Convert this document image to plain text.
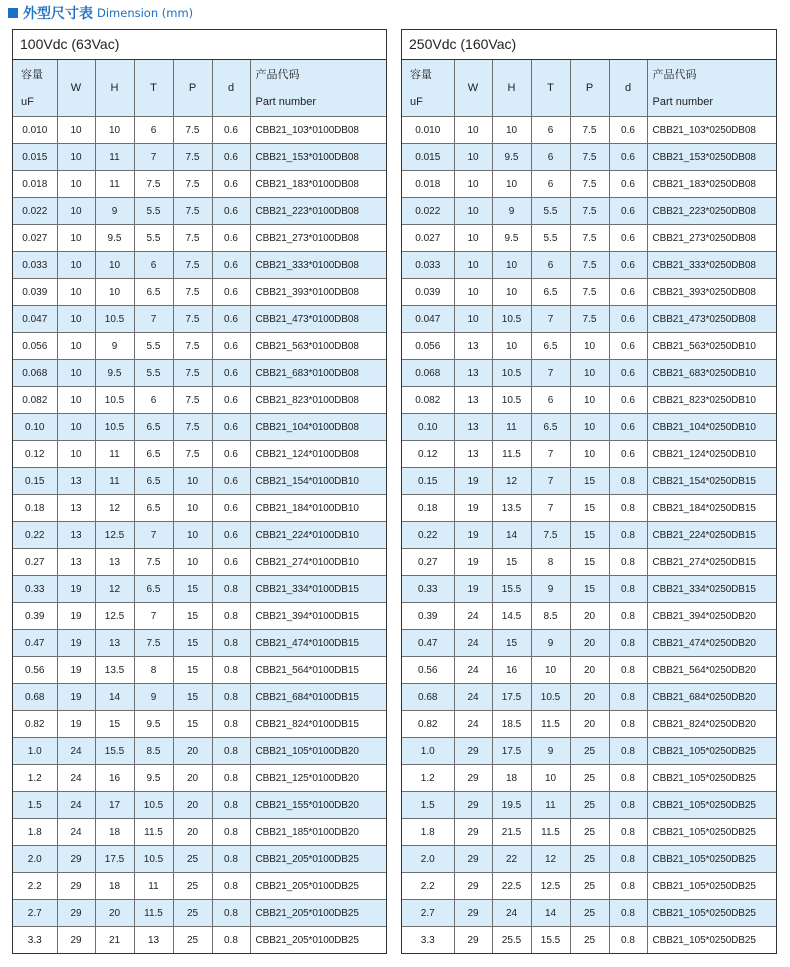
外型尺寸表 Dimension (mm)
100Vdc (63Vac)
容量
uF	W	H	T	P	d	产品代码
Part number

0.010	10	10	6	7.5	0.6	CBB21_103*0100DB08
0.015	10	11	7	7.5	0.6	CBB21_153*0100DB08
0.018	10	11	7.5	7.5	0.6	CBB21_183*0100DB08
0.022	10	9	5.5	7.5	0.6	CBB21_223*0100DB08
0.027	10	9.5	5.5	7.5	0.6	CBB21_273*0100DB08
0.033	10	10	6	7.5	0.6	CBB21_333*0100DB08
0.039	10	10	6.5	7.5	0.6	CBB21_393*0100DB08
0.047	10	10.5	7	7.5	0.6	CBB21_473*0100DB08
0.056	10	9	5.5	7.5	0.6	CBB21_563*0100DB08
0.068	10	9.5	5.5	7.5	0.6	CBB21_683*0100DB08
0.082	10	10.5	6	7.5	0.6	CBB21_823*0100DB08
0.10	10	10.5	6.5	7.5	0.6	CBB21_104*0100DB08
0.12	10	11	6.5	7.5	0.6	CBB21_124*0100DB08
0.15	13	11	6.5	10	0.6	CBB21_154*0100DB10
0.18	13	12	6.5	10	0.6	CBB21_184*0100DB10
0.22	13	12.5	7	10	0.6	CBB21_224*0100DB10
0.27	13	13	7.5	10	0.6	CBB21_274*0100DB10
0.33	19	12	6.5	15	0.8	CBB21_334*0100DB15
0.39	19	12.5	7	15	0.8	CBB21_394*0100DB15
0.47	19	13	7.5	15	0.8	CBB21_474*0100DB15
0.56	19	13.5	8	15	0.8	CBB21_564*0100DB15
0.68	19	14	9	15	0.8	CBB21_684*0100DB15
0.82	19	15	9.5	15	0.8	CBB21_824*0100DB15
1.0	24	15.5	8.5	20	0.8	CBB21_105*0100DB20
1.2	24	16	9.5	20	0.8	CBB21_125*0100DB20
1.5	24	17	10.5	20	0.8	CBB21_155*0100DB20
1.8	24	18	11.5	20	0.8	CBB21_185*0100DB20
2.0	29	17.5	10.5	25	0.8	CBB21_205*0100DB25
2.2	29	18	11	25	0.8	CBB21_205*0100DB25
2.7	29	20	11.5	25	0.8	CBB21_205*0100DB25
3.3	29	21	13	25	0.8	CBB21_205*0100DB25
250Vdc (160Vac)
容量
uF	W	H	T	P	d	产品代码
Part number

0.010	10	10	6	7.5	0.6	CBB21_103*0250DB08
0.015	10	9.5	6	7.5	0.6	CBB21_153*0250DB08
0.018	10	10	6	7.5	0.6	CBB21_183*0250DB08
0.022	10	9	5.5	7.5	0.6	CBB21_223*0250DB08
0.027	10	9.5	5.5	7.5	0.6	CBB21_273*0250DB08
0.033	10	10	6	7.5	0.6	CBB21_333*0250DB08
0.039	10	10	6.5	7.5	0.6	CBB21_393*0250DB08
0.047	10	10.5	7	7.5	0.6	CBB21_473*0250DB08
0.056	13	10	6.5	10	0.6	CBB21_563*0250DB10
0.068	13	10.5	7	10	0.6	CBB21_683*0250DB10
0.082	13	10.5	6	10	0.6	CBB21_823*0250DB10
0.10	13	11	6.5	10	0.6	CBB21_104*0250DB10
0.12	13	11.5	7	10	0.6	CBB21_124*0250DB10
0.15	19	12	7	15	0.8	CBB21_154*0250DB15
0.18	19	13.5	7	15	0.8	CBB21_184*0250DB15
0.22	19	14	7.5	15	0.8	CBB21_224*0250DB15
0.27	19	15	8	15	0.8	CBB21_274*0250DB15
0.33	19	15.5	9	15	0.8	CBB21_334*0250DB15
0.39	24	14.5	8.5	20	0.8	CBB21_394*0250DB20
0.47	24	15	9	20	0.8	CBB21_474*0250DB20
0.56	24	16	10	20	0.8	CBB21_564*0250DB20
0.68	24	17.5	10.5	20	0.8	CBB21_684*0250DB20
0.82	24	18.5	11.5	20	0.8	CBB21_824*0250DB20
1.0	29	17.5	9	25	0.8	CBB21_105*0250DB25
1.2	29	18	10	25	0.8	CBB21_105*0250DB25
1.5	29	19.5	11	25	0.8	CBB21_105*0250DB25
1.8	29	21.5	11.5	25	0.8	CBB21_105*0250DB25
2.0	29	22	12	25	0.8	CBB21_105*0250DB25
2.2	29	22.5	12.5	25	0.8	CBB21_105*0250DB25
2.7	29	24	14	25	0.8	CBB21_105*0250DB25
3.3	29	25.5	15.5	25	0.8	CBB21_105*0250DB25
